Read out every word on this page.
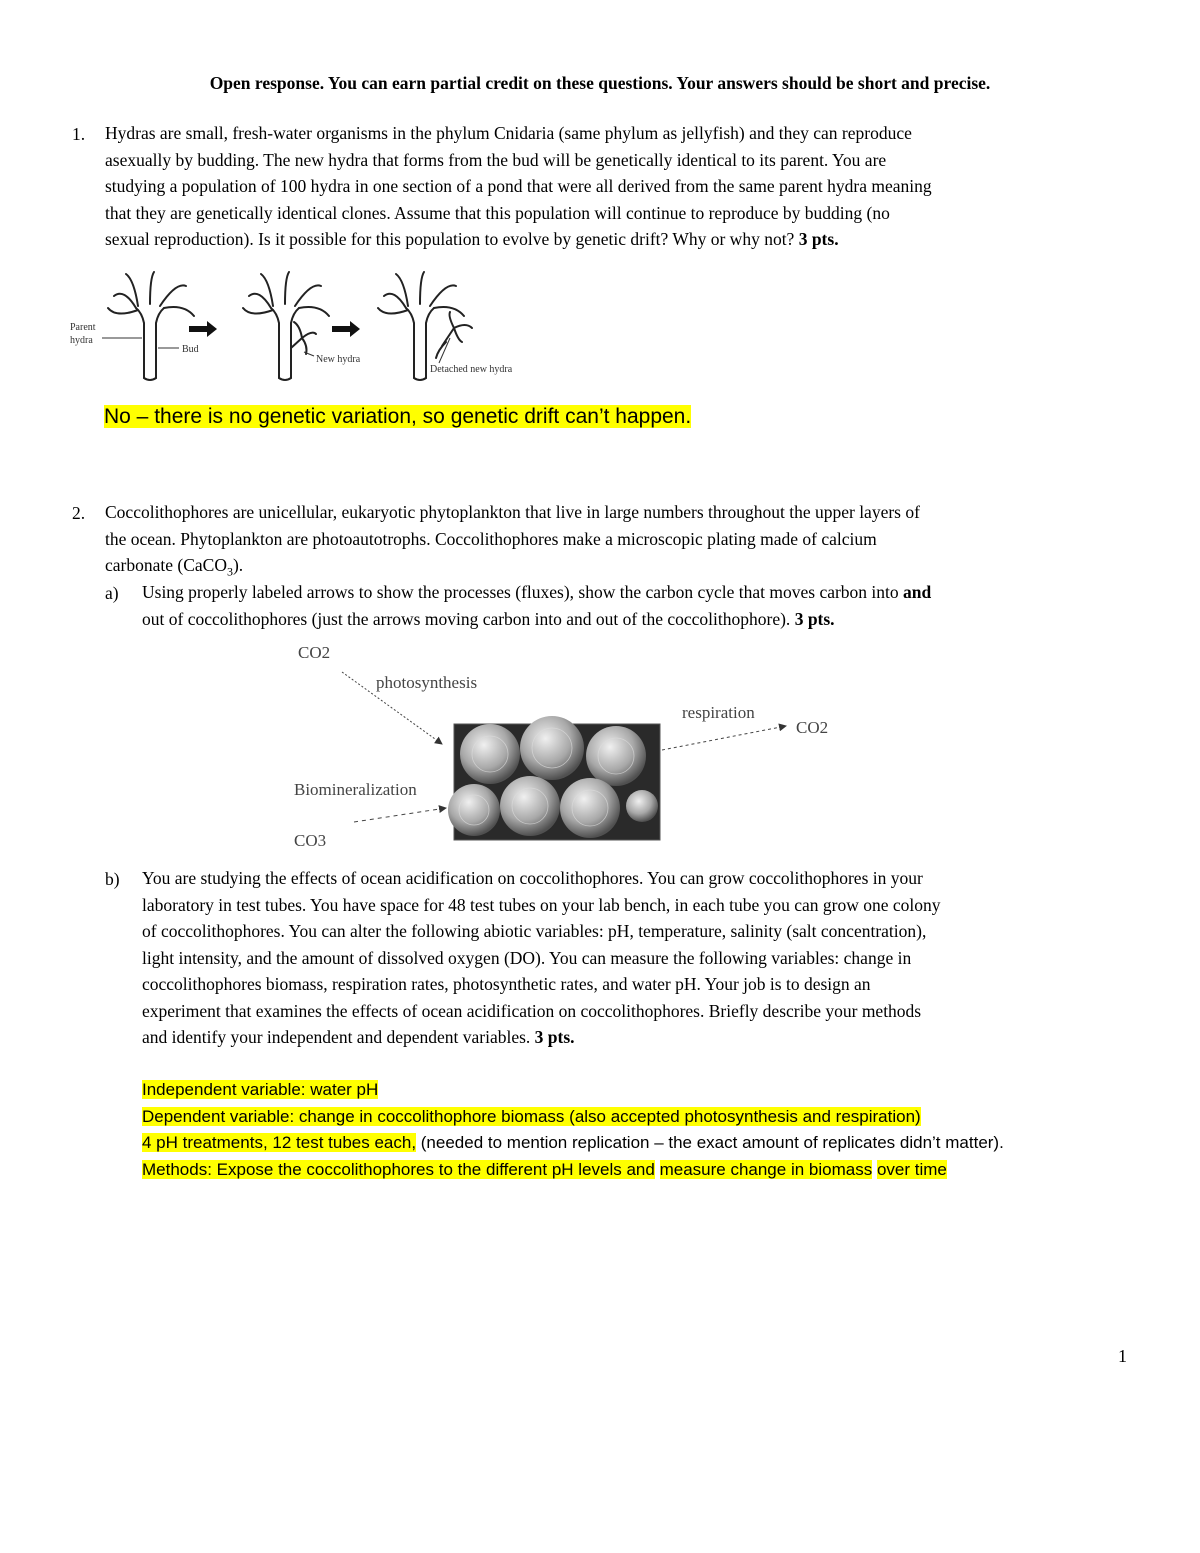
Open response. You can earn partial credit on these questions. Your answers should be short and precise.
1. Hydras are small, fresh-water organisms in the phylum Cnidaria (same phylum as jellyfish) and they can reproduce
asexually by budding. The new hydra that forms from the bud will be genetically identical to its parent. You are
studying a population of 100 hydra in one section of a pond that were all derived from the same parent hydra meaning
that they are genetically identical clones. Assume that this population will continue to reproduce by budding (no
sexual reproduction). Is it possible for this population to evolve by genetic drift? Why or why not? 3 pts.
Parent
hydra
Bud
New hydra
Detached new hydra
No – there is no genetic variation, so genetic drift can’t happen.
2. Coccolithophores are unicellular, eukaryotic phytoplankton that live in large numbers throughout the upper layers of
the ocean. Phytoplankton are photoautotrophs. Coccolithophores make a microscopic plating made of calcium
carbonate (CaCO$_3$).
a) Using properly labeled arrows to show the processes (fluxes), show the carbon cycle that moves carbon into and
out of coccolithophores (just the arrows moving carbon into and out of the coccolithophore). 3 pts.
CO2
photosynthesis
respiration
CO2
Biomineralization
CO3
b) You are studying the effects of ocean acidification on coccolithophores. You can grow coccolithophores in your
laboratory in test tubes. You have space for 48 test tubes on your lab bench, in each tube you can grow one colony
of coccolithophores. You can alter the following abiotic variables: pH, temperature, salinity (salt concentration),
light intensity, and the amount of dissolved oxygen (DO). You can measure the following variables: change in
coccolithophores biomass, respiration rates, photosynthetic rates, and water pH. Your job is to design an
experiment that examines the effects of ocean acidification on coccolithophores. Briefly describe your methods
and identify your independent and dependent variables. 3 pts.
Independent variable: water pH
Dependent variable: change in coccolithophore biomass (also accepted photosynthesis and respiration)
4 pH treatments, 12 test tubes each, (needed to mention replication – the exact amount of replicates didn’t matter).
Methods: Expose the coccolithophores to the different pH levels and measure change in biomass over time
1
